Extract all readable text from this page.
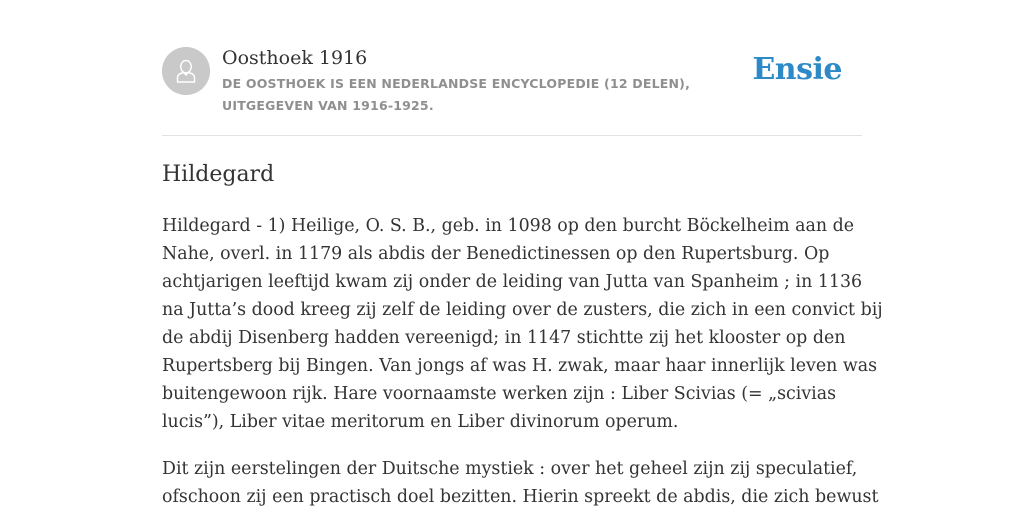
Oosthoek 1916
DE OOSTHOEK IS EEN NEDERLANDSE ENCYCLOPEDIE (12 DELEN), UITGEGEVEN VAN 1916-1925.
Ensie
Hildegard

Hildegard - 1) Heilige, O. S. B., geb. in 1098 op den burcht Böckelheim aan de
Nahe, overl. in 1179 als abdis der Benedictinessen op den Rupertsburg. Op
achtjarigen leeftijd kwam zij onder de leiding van Jutta van Spanheim ; in 1136
na Jutta’s dood kreeg zij zelf de leiding over de zusters, die zich in een convict bij
de abdij Disenberg hadden vereenigd; in 1147 stichtte zij het klooster op den
Rupertsberg bij Bingen. Van jongs af was H. zwak, maar haar innerlijk leven was
buitengewoon rijk. Hare voornaamste werken zijn : Liber Scivias (= „scivias
lucis”), Liber vitae meritorum en Liber divinorum operum.

Dit zijn eerstelingen der Duitsche mystiek : over het geheel zijn zij speculatief,
ofschoon zij een practisch doel bezitten. Hierin spreekt de abdis, die zich bewust
